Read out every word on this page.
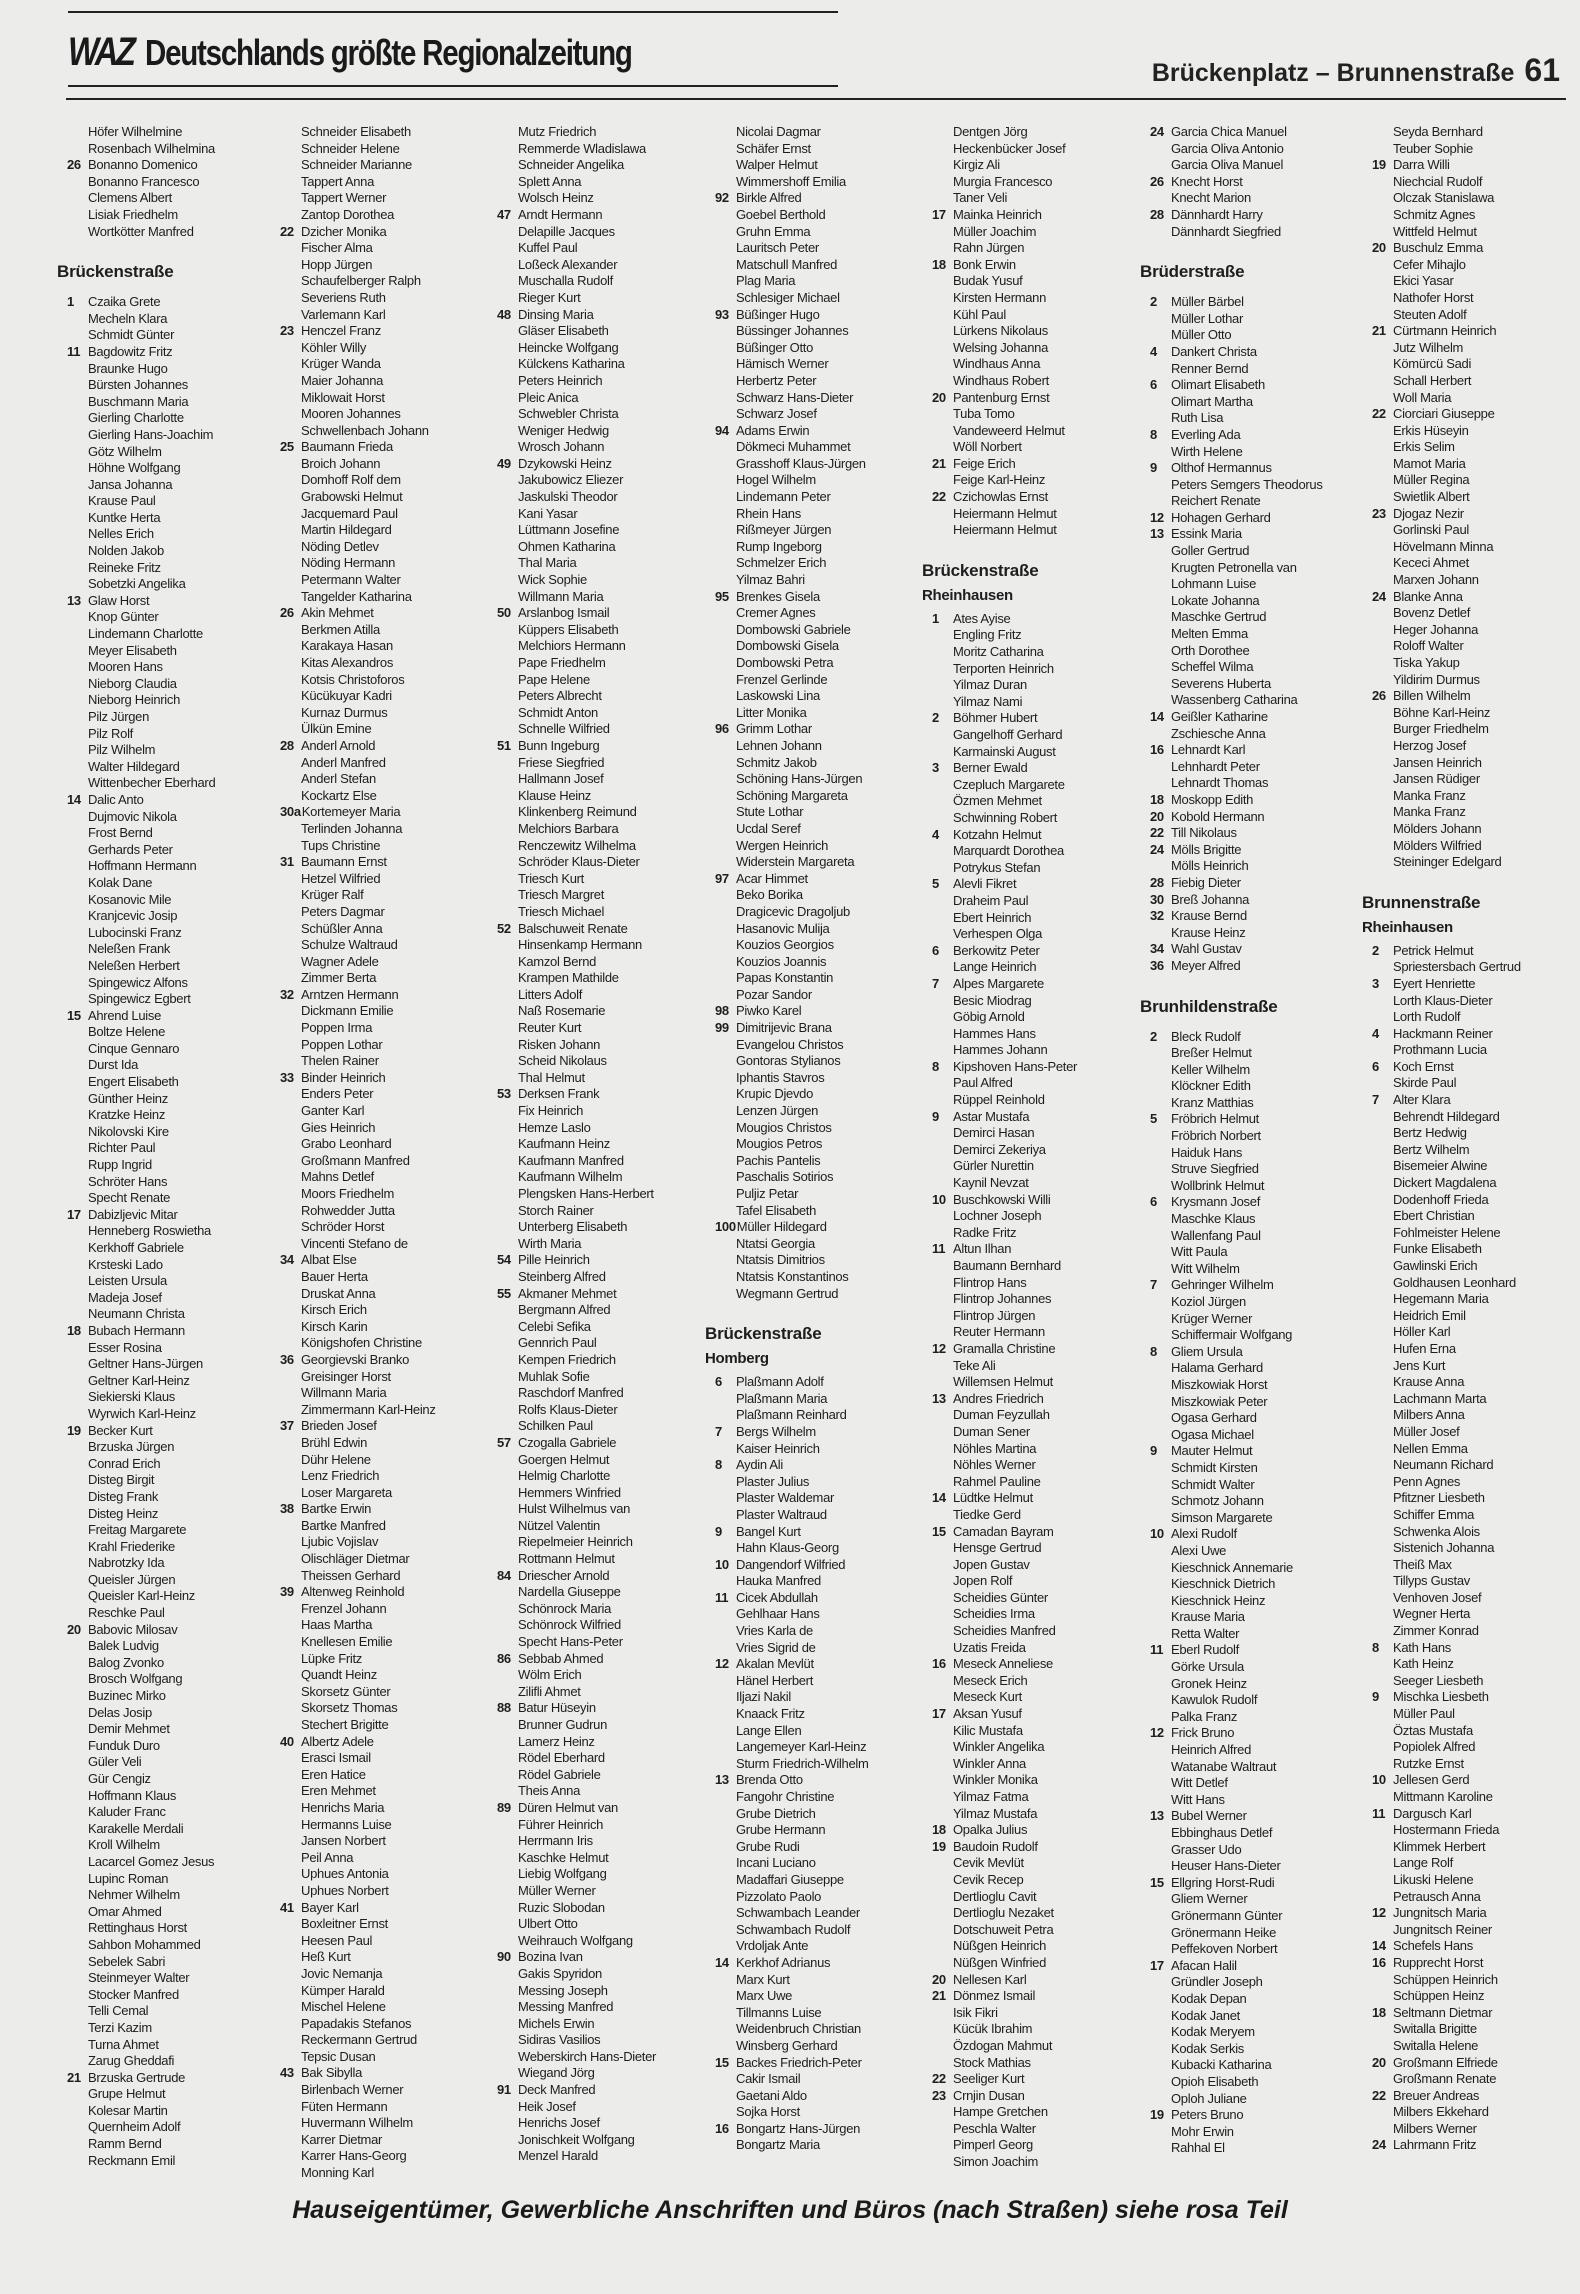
WAZ Deutschlands größte Regionalzeitung	Brückenplatz – Brunnenstraße 61
Höfer Wilhelmine
Rosenbach Wilhelmina
26 Bonanno Domenico
Bonanno Francesco
Clemens Albert
Lisiak Friedhelm
Wortkötter Manfred
Brückenstraße
1 Czaika Grete
Mecheln Klara
Schmidt Günter
11 Bagdowitz Fritz
Braunke Hugo
Bürsten Johannes
Buschmann Maria
Gierling Charlotte
Gierling Hans-Joachim
Götz Wilhelm
Höhne Wolfgang
Jansa Johanna
Krause Paul
Kuntke Herta
Nelles Erich
Nolden Jakob
Reineke Fritz
Sobetzki Angelika
13 Glaw Horst
Knop Günter
Lindemann Charlotte
Meyer Elisabeth
Mooren Hans
Nieborg Claudia
Nieborg Heinrich
Pilz Jürgen
Pilz Rolf
Pilz Wilhelm
Walter Hildegard
Wittenbecher Eberhard
14 Dalic Anto
Dujmovic Nikola
Frost Bernd
Gerhards Peter
Hoffmann Hermann
Kolak Dane
Kosanovic Mile
Kranjcevic Josip
Lubocinski Franz
Neleßen Frank
Neleßen Herbert
Spingewicz Alfons
Spingewicz Egbert
15 Ahrend Luise
Boltze Helene
Cinque Gennaro
Durst Ida
Engert Elisabeth
Günther Heinz
Kratzke Heinz
Nikolovski Kire
Richter Paul
Rupp Ingrid
Schröter Hans
Specht Renate
17 Dabizljevic Mitar
Henneberg Roswietha
Kerkhoff Gabriele
Krsteski Lado
Leisten Ursula
Madeja Josef
Neumann Christa
18 Bubach Hermann
Esser Rosina
Geltner Hans-Jürgen
Geltner Karl-Heinz
Siekierski Klaus
Wyrwich Karl-Heinz
19 Becker Kurt
Brzuska Jürgen
Conrad Erich
Disteg Birgit
Disteg Frank
Disteg Heinz
Freitag Margarete
Krahl Friederike
Nabrotzky Ida
Queisler Jürgen
Queisler Karl-Heinz
Reschke Paul
20 Babovic Milosav
Balek Ludvig
Balog Zvonko
Brosch Wolfgang
Buzinec Mirko
Delas Josip
Demir Mehmet
Funduk Duro
Güler Veli
Gür Cengiz
Hoffmann Klaus
Kaluder Franc
Karakelle Merdali
Kroll Wilhelm
Lacarcel Gomez Jesus
Lupinc Roman
Nehmer Wilhelm
Omar Ahmed
Rettinghaus Horst
Sahbon Mohammed
Sebelek Sabri
Steinmeyer Walter
Stocker Manfred
Telli Cemal
Terzi Kazim
Turna Ahmet
Zarug Gheddafi
21 Brzuska Gertrude
Grupe Helmut
Kolesar Martin
Quernheim Adolf
Ramm Bernd
Reckmann Emil
Schneider Elisabeth
Schneider Helene
Schneider Marianne
Tappert Anna
Tappert Werner
Zantop Dorothea
22 Dzicher Monika
Fischer Alma
Hopp Jürgen
Schaufelberger Ralph
Severiens Ruth
Varlemann Karl
23 Henczel Franz
Köhler Willy
Krüger Wanda
Maier Johanna
Miklowait Horst
Mooren Johannes
Schwellenbach Johann
25 Baumann Frieda
Broich Johann
Domhoff Rolf dem
Grabowski Helmut
Jacquemard Paul
Martin Hildegard
Nöding Detlev
Nöding Hermann
Petermann Walter
Tangelder Katharina
26 Akin Mehmet
Berkmen Atilla
Karakaya Hasan
Kitas Alexandros
Kotsis Christoforos
Kücükuyar Kadri
Kurnaz Durmus
Ülkün Emine
28 Anderl Arnold
Anderl Manfred
Anderl Stefan
Kockartz Else
30aKortemeyer Maria
Terlinden Johanna
Tups Christine
31 Baumann Ernst
Hetzel Wilfried
Krüger Ralf
Peters Dagmar
Schüßler Anna
Schulze Waltraud
Wagner Adele
Zimmer Berta
32 Arntzen Hermann
Dickmann Emilie
Poppen Irma
Poppen Lothar
Thelen Rainer
33 Binder Heinrich
Enders Peter
Ganter Karl
Gies Heinrich
Grabo Leonhard
Großmann Manfred
Mahns Detlef
Moors Friedhelm
Rohwedder Jutta
Schröder Horst
Vincenti Stefano de
34 Albat Else
Bauer Herta
Druskat Anna
Kirsch Erich
Kirsch Karin
Königshofen Christine
36 Georgievski Branko
Greisinger Horst
Willmann Maria
Zimmermann Karl-Heinz
37 Brieden Josef
Brühl Edwin
Dühr Helene
Lenz Friedrich
Loser Margareta
38 Bartke Erwin
Bartke Manfred
Ljubic Vojislav
Olischläger Dietmar
Theissen Gerhard
39 Altenweg Reinhold
Frenzel Johann
Haas Martha
Knellesen Emilie
Lüpke Fritz
Quandt Heinz
Skorsetz Günter
Skorsetz Thomas
Stechert Brigitte
40 Albertz Adele
Erasci Ismail
Eren Hatice
Eren Mehmet
Henrichs Maria
Hermanns Luise
Jansen Norbert
Peil Anna
Uphues Antonia
Uphues Norbert
41 Bayer Karl
Boxleitner Ernst
Heesen Paul
Heß Kurt
Jovic Nemanja
Kümper Harald
Mischel Helene
Papadakis Stefanos
Reckermann Gertrud
Tepsic Dusan
43 Bak Sibylla
Birlenbach Werner
Füten Hermann
Huvermann Wilhelm
Karrer Dietmar
Karrer Hans-Georg
Monning Karl
Mutz Friedrich
Remmerde Wladislawa
Schneider Angelika
Splett Anna
Wolsch Heinz
47 Arndt Hermann
Delapille Jacques
Kuffel Paul
Loßeck Alexander
Muschalla Rudolf
Rieger Kurt
48 Dinsing Maria
Gläser Elisabeth
Heincke Wolfgang
Külckens Katharina
Peters Heinrich
Pleic Anica
Schwebler Christa
Weniger Hedwig
Wrosch Johann
49 Dzykowski Heinz
Jakubowicz Eliezer
Jaskulski Theodor
Kani Yasar
Lüttmann Josefine
Ohmen Katharina
Thal Maria
Wick Sophie
Willmann Maria
50 Arslanbog Ismail
Küppers Elisabeth
Melchiors Hermann
Pape Friedhelm
Pape Helene
Peters Albrecht
Schmidt Anton
Schnelle Wilfried
51 Bunn Ingeburg
Friese Siegfried
Hallmann Josef
Klause Heinz
Klinkenberg Reimund
Melchiors Barbara
Renczewitz Wilhelma
Schröder Klaus-Dieter
Triesch Kurt
Triesch Margret
Triesch Michael
52 Balschuweit Renate
Hinsenkamp Hermann
Kamzol Bernd
Krampen Mathilde
Litters Adolf
Naß Rosemarie
Reuter Kurt
Risken Johann
Scheid Nikolaus
Thal Helmut
53 Derksen Frank
Fix Heinrich
Hemze Laslo
Kaufmann Heinz
Kaufmann Manfred
Kaufmann Wilhelm
Plengsken Hans-Herbert
Storch Rainer
Unterberg Elisabeth
Wirth Maria
54 Pille Heinrich
Steinberg Alfred
55 Akmaner Mehmet
Bergmann Alfred
Celebi Sefika
Gennrich Paul
Kempen Friedrich
Muhlak Sofie
Raschdorf Manfred
Rolfs Klaus-Dieter
Schilken Paul
57 Czogalla Gabriele
Goergen Helmut
Helmig Charlotte
Hemmers Winfried
Hulst Wilhelmus van
Nützel Valentin
Riepelmeier Heinrich
Rottmann Helmut
84 Driescher Arnold
Nardella Giuseppe
Schönrock Maria
Schönrock Wilfried
Specht Hans-Peter
86 Sebbab Ahmed
Wölm Erich
Zilifli Ahmet
88 Batur Hüseyin
Brunner Gudrun
Lamerz Heinz
Rödel Eberhard
Rödel Gabriele
Theis Anna
89 Düren Helmut van
Führer Heinrich
Herrmann Iris
Kaschke Helmut
Liebig Wolfgang
Müller Werner
Ruzic Slobodan
Ulbert Otto
Weihrauch Wolfgang
90 Bozina Ivan
Gakis Spyridon
Messing Joseph
Messing Manfred
Michels Erwin
Sidiras Vasilios
Weberskirch Hans-Dieter
Wiegand Jörg
91 Deck Manfred
Heik Josef
Henrichs Josef
Jonischkeit Wolfgang
Menzel Harald
Nicolai Dagmar
Schäfer Ernst
Walper Helmut
Wimmershoff Emilia
92 Birkle Alfred
Goebel Berthold
Gruhn Emma
Lauritsch Peter
Matschull Manfred
Plag Maria
Schlesiger Michael
93 Büßinger Hugo
Büssinger Johannes
Büßinger Otto
Hämisch Werner
Herbertz Peter
Schwarz Hans-Dieter
Schwarz Josef
94 Adams Erwin
Dökmeci Muhammet
Grasshoff Klaus-Jürgen
Hogel Wilhelm
Lindemann Peter
Rhein Hans
Rißmeyer Jürgen
Rump Ingeborg
Schmelzer Erich
Yilmaz Bahri
95 Brenkes Gisela
Cremer Agnes
Dombowski Gabriele
Dombowski Gisela
Dombowski Petra
Frenzel Gerlinde
Laskowski Lina
Litter Monika
96 Grimm Lothar
Lehnen Johann
Schmitz Jakob
Schöning Hans-Jürgen
Schöning Margareta
Stute Lothar
Ucdal Seref
Wergen Heinrich
Widerstein Margareta
97 Acar Himmet
Beko Borika
Dragicevic Dragoljub
Hasanovic Mulija
Kouzios Georgios
Kouzios Joannis
Papas Konstantin
Pozar Sandor
98 Piwko Karel
99 Dimitrijevic Brana
Evangelou Christos
Gontoras Stylianos
Iphantis Stavros
Krupic Djevdo
Lenzen Jürgen
Mougios Christos
Mougios Petros
Pachis Pantelis
Paschalis Sotirios
Puljiz Petar
Tafel Elisabeth
100Müller Hildegard
Ntatsi Georgia
Ntatsis Dimitrios
Ntatsis Konstantinos
Wegmann Gertrud
Brückenstraße
Homberg
6 Plaßmann Adolf
Plaßmann Maria
Plaßmann Reinhard
7 Bergs Wilhelm
Kaiser Heinrich
8 Aydin Ali
Plaster Julius
Plaster Waldemar
Plaster Waltraud
9 Bangel Kurt
Hahn Klaus-Georg
10 Dangendorf Wilfried
Hauka Manfred
11 Cicek Abdullah
Gehlhaar Hans
Vries Karla de
Vries Sigrid de
12 Akalan Mevlüt
Hänel Herbert
Iljazi Nakil
Knaack Fritz
Lange Ellen
Langemeyer Karl-Heinz
Sturm Friedrich-Wilhelm
13 Brenda Otto
Fangohr Christine
Grube Dietrich
Grube Hermann
Grube Rudi
Incani Luciano
Madaffari Giuseppe
Pizzolato Paolo
Schwambach Leander
Schwambach Rudolf
Vrdoljak Ante
14 Kerkhof Adrianus
Marx Kurt
Marx Uwe
Tillmanns Luise
Weidenbruch Christian
Winsberg Gerhard
15 Backes Friedrich-Peter
Cakir Ismail
Gaetani Aldo
Sojka Horst
16 Bongartz Hans-Jürgen
Bongartz Maria
Dentgen Jörg
Heckenbücker Josef
Kirgiz Ali
Murgia Francesco
Taner Veli
17 Mainka Heinrich
Müller Joachim
Rahn Jürgen
18 Bonk Erwin
Budak Yusuf
Kirsten Hermann
Kühl Paul
Lürkens Nikolaus
Welsing Johanna
Windhaus Anna
Windhaus Robert
20 Pantenburg Ernst
Tuba Tomo
Vandeweerd Helmut
Wöll Norbert
21 Feige Erich
Feige Karl-Heinz
22 Czichowlas Ernst
Heiermann Helmut
Heiermann Helmut
Brückenstraße
Rheinhausen
1 Ates Ayise
Engling Fritz
Moritz Catharina
Terporten Heinrich
Yilmaz Duran
Yilmaz Nami
2 Böhmer Hubert
Gangelhoff Gerhard
Karmainski August
3 Berner Ewald
Czepluch Margarete
Özmen Mehmet
Schwinning Robert
4 Kotzahn Helmut
Marquardt Dorothea
Potrykus Stefan
5 Alevli Fikret
Draheim Paul
Ebert Heinrich
Verhespen Olga
6 Berkowitz Peter
Lange Heinrich
7 Alpes Margarete
Besic Miodrag
Göbig Arnold
Hammes Hans
Hammes Johann
8 Kipshoven Hans-Peter
Paul Alfred
Rüppel Reinhold
9 Astar Mustafa
Demirci Hasan
Demirci Zekeriya
Gürler Nurettin
Kaynil Nevzat
10 Buschkowski Willi
Lochner Joseph
Radke Fritz
11 Altun Ilhan
Baumann Bernhard
Flintrop Hans
Flintrop Johannes
Flintrop Jürgen
Reuter Hermann
12 Gramalla Christine
Teke Ali
Willemsen Helmut
13 Andres Friedrich
Duman Feyzullah
Duman Sener
Nöhles Martina
Nöhles Werner
Rahmel Pauline
14 Lüdtke Helmut
Tiedke Gerd
15 Camadan Bayram
Hensge Gertrud
Jopen Gustav
Jopen Rolf
Scheidies Günter
Scheidies Irma
Scheidies Manfred
Uzatis Freida
16 Meseck Anneliese
Meseck Erich
Meseck Kurt
17 Aksan Yusuf
Kilic Mustafa
Winkler Angelika
Winkler Anna
Winkler Monika
Yilmaz Fatma
Yilmaz Mustafa
18 Opalka Julius
19 Baudoin Rudolf
Cevik Mevlüt
Cevik Recep
Dertlioglu Cavit
Dertlioglu Nezaket
Dotschuweit Petra
Nüßgen Heinrich
Nüßgen Winfried
20 Nellesen Karl
21 Dönmez Ismail
Isik Fikri
Kücük Ibrahim
Özdogan Mahmut
Stock Mathias
22 Seeliger Kurt
23 Crnjin Dusan
Hampe Gretchen
Peschla Walter
Pimperl Georg
Simon Joachim
24 Garcia Chica Manuel
Garcia Oliva Antonio
Garcia Oliva Manuel
26 Knecht Horst
Knecht Marion
28 Dännhardt Harry
Dännhardt Siegfried
Brüderstraße
2 Müller Bärbel
Müller Lothar
Müller Otto
4 Dankert Christa
Renner Bernd
6 Olimart Elisabeth
Olimart Martha
Ruth Lisa
8 Everling Ada
Wirth Helene
9 Olthof Hermannus
Peters Semgers Theodorus
Reichert Renate
12 Hohagen Gerhard
13 Essink Maria
Goller Gertrud
Krugten Petronella van
Lohmann Luise
Lokate Johanna
Maschke Gertrud
Melten Emma
Orth Dorothee
Scheffel Wilma
Severens Huberta
Wassenberg Catharina
14 Geißler Katharine
Zschiesche Anna
16 Lehnardt Karl
Lehnhardt Peter
Lehnardt Thomas
18 Moskopp Edith
20 Kobold Hermann
22 Till Nikolaus
24 Mölls Brigitte
Mölls Heinrich
28 Fiebig Dieter
30 Breß Johanna
32 Krause Bernd
Krause Heinz
34 Wahl Gustav
36 Meyer Alfred
Brunhildenstraße
2 Bleck Rudolf
Breßer Helmut
Keller Wilhelm
Klöckner Edith
Kranz Matthias
5 Fröbrich Helmut
Fröbrich Norbert
Haiduk Hans
Struve Siegfried
Wollbrink Helmut
6 Krysmann Josef
Maschke Klaus
Wallenfang Paul
Witt Paula
Witt Wilhelm
7 Gehringer Wilhelm
Koziol Jürgen
Krüger Werner
Schiffermair Wolfgang
8 Gliem Ursula
Halama Gerhard
Miszkowiak Horst
Miszkowiak Peter
Ogasa Gerhard
Ogasa Michael
9 Mauter Helmut
Schmidt Kirsten
Schmidt Walter
Schmotz Johann
Simson Margarete
10 Alexi Rudolf
Alexi Uwe
Kieschnick Annemarie
Kieschnick Dietrich
Kieschnick Heinz
Krause Maria
Retta Walter
11 Eberl Rudolf
Görke Ursula
Gronek Heinz
Kawulok Rudolf
Palka Franz
12 Frick Bruno
Heinrich Alfred
Watanabe Waltraut
Witt Detlef
Witt Hans
13 Bubel Werner
Ebbinghaus Detlef
Grasser Udo
Heuser Hans-Dieter
15 Ellgring Horst-Rudi
Gliem Werner
Grönermann Günter
Grönermann Heike
Peffekoven Norbert
17 Afacan Halil
Gründler Joseph
Kodak Depan
Kodak Janet
Kodak Meryem
Kodak Serkis
Kubacki Katharina
Opioh Elisabeth
Oploh Juliane
19 Peters Bruno
Mohr Erwin
Rahhal El
Seyda Bernhard
Teuber Sophie
19 Darra Willi
Niechcial Rudolf
Olczak Stanislawa
Schmitz Agnes
Wittfeld Helmut
20 Buschulz Emma
Cefer Mihajlo
Ekici Yasar
Nathofer Horst
Steuten Adolf
21 Cürtmann Heinrich
Jutz Wilhelm
Kömürcü Sadi
Schall Herbert
Woll Maria
22 Ciorciari Giuseppe
Erkis Hüseyin
Erkis Selim
Mamot Maria
Müller Regina
Swietlik Albert
23 Djogaz Nezir
Gorlinski Paul
Hövelmann Minna
Kececi Ahmet
Marxen Johann
24 Blanke Anna
Bovenz Detlef
Heger Johanna
Roloff Walter
Tiska Yakup
Yildirim Durmus
26 Billen Wilhelm
Böhne Karl-Heinz
Burger Friedhelm
Herzog Josef
Jansen Heinrich
Jansen Rüdiger
Manka Franz
Manka Franz
Mölders Johann
Mölders Wilfried
Steininger Edelgard
Brunnenstraße
Rheinhausen
2 Petrick Helmut
Spriestersbach Gertrud
3 Eyert Henriette
Lorth Klaus-Dieter
Lorth Rudolf
4 Hackmann Reiner
Prothmann Lucia
6 Koch Ernst
Skirde Paul
7 Alter Klara
Behrendt Hildegard
Bertz Hedwig
Bertz Wilhelm
Bisemeier Alwine
Dickert Magdalena
Dodenhoff Frieda
Ebert Christian
Fohlmeister Helene
Funke Elisabeth
Gawlinski Erich
Goldhausen Leonhard
Hegemann Maria
Heidrich Emil
Höller Karl
Hufen Erna
Jens Kurt
Krause Anna
Lachmann Marta
Milbers Anna
Müller Josef
Nellen Emma
Neumann Richard
Penn Agnes
Pfitzner Liesbeth
Schiffer Emma
Schwenka Alois
Sistenich Johanna
Theiß Max
Tillyps Gustav
Venhoven Josef
Wegner Herta
Zimmer Konrad
8 Kath Hans
Kath Heinz
Seeger Liesbeth
9 Mischka Liesbeth
Müller Paul
Öztas Mustafa
Popiolek Alfred
Rutzke Ernst
10 Jellesen Gerd
Mittmann Karoline
11 Dargusch Karl
Hostermann Frieda
Klimmek Herbert
Lange Rolf
Likuski Helene
Petrausch Anna
12 Jungnitsch Maria
Jungnitsch Reiner
14 Schefels Hans
16 Rupprecht Horst
Schüppen Heinrich
Schüppen Heinz
18 Seltmann Dietmar
Switalla Brigitte
Switalla Helene
20 Großmann Elfriede
Großmann Renate
22 Breuer Andreas
Milbers Ekkehard
Milbers Werner
24 Lahrmann Fritz
Hauseigentümer, Gewerbliche Anschriften und Büros (nach Straßen) siehe rosa Teil
